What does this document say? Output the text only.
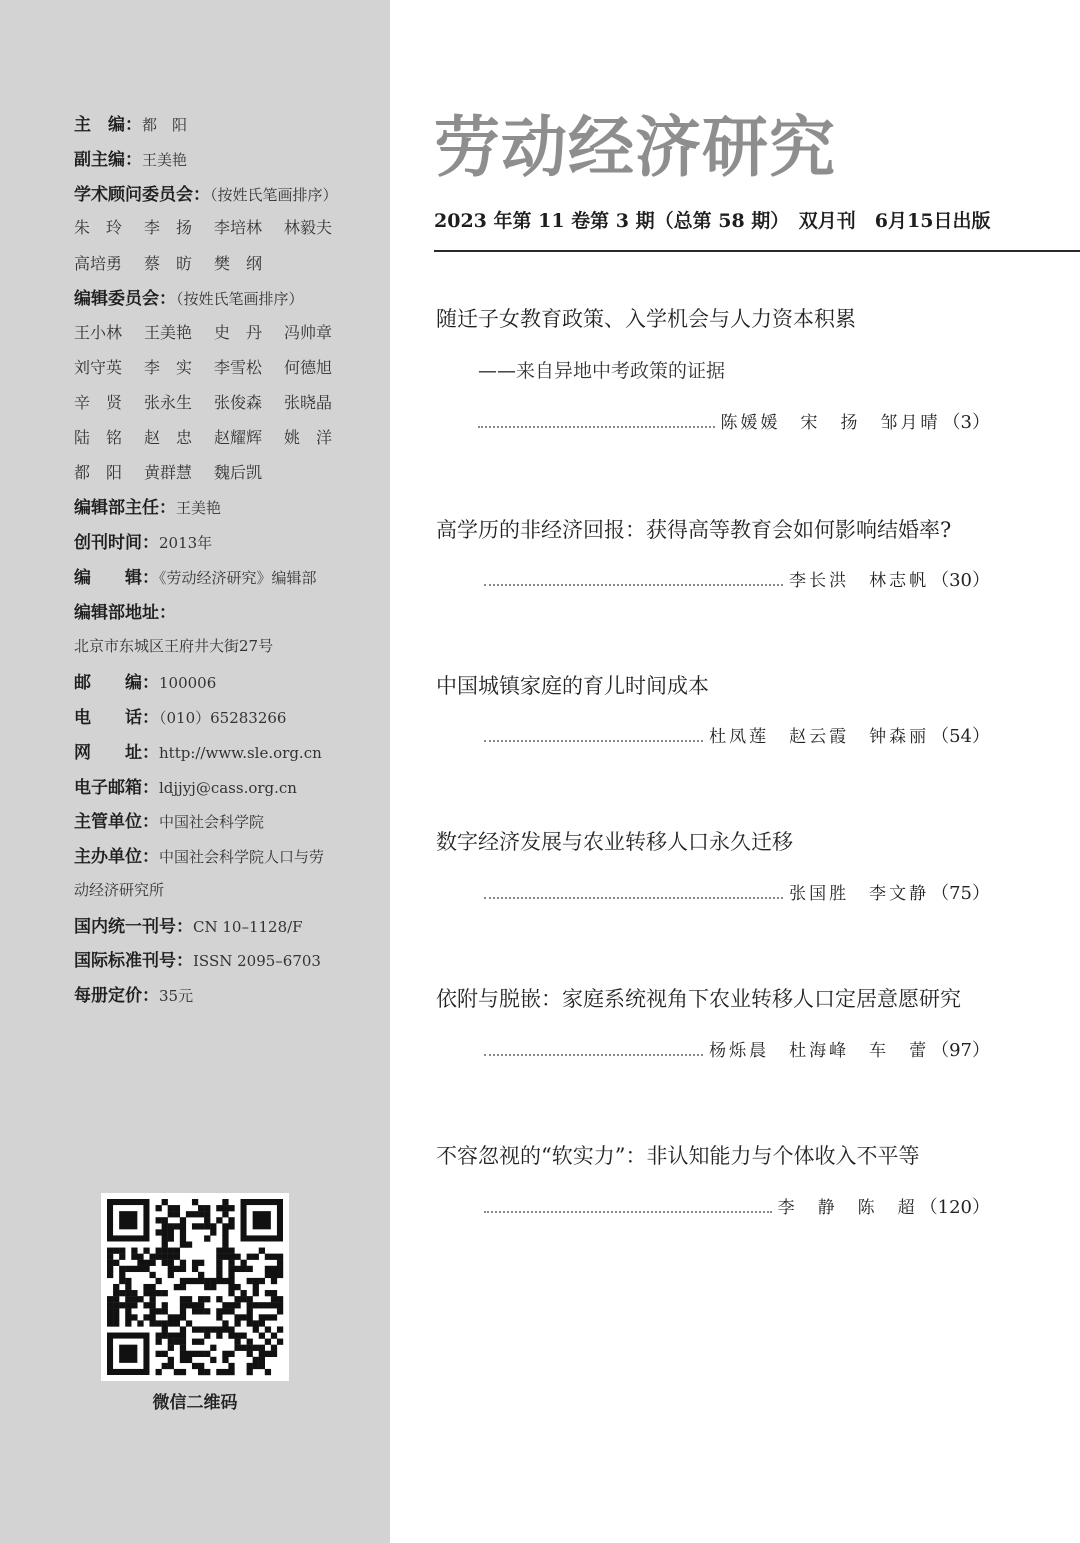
主　编：都　阳
副主编：王美艳
学术顾问委员会：（按姓氏笔画排序）
朱　玲 李　扬 李培林 林毅夫
高培勇 蔡　昉 樊　纲
编辑委员会：（按姓氏笔画排序）
王小林 王美艳 史　丹 冯帅章
刘守英 李　实 李雪松 何德旭
辛　贤 张永生 张俊森 张晓晶
陆　铭 赵　忠 赵耀辉 姚　洋
都　阳 黄群慧 魏后凯
编辑部主任：王美艳
创刊时间：2013年
编　　辑：《劳动经济研究》编辑部
编辑部地址：
北京市东城区王府井大街27号
邮　　编：100006
电　　话：（010）65283266
网　　址：http://www.sle.org.cn
电子邮箱：ldjjyj@cass.org.cn
主管单位：中国社会科学院
主办单位：中国社会科学院人口与劳
动经济研究所
国内统一刊号：CN 10–1128/F
国际标准刊号：ISSN 2095–6703
每册定价：35元
微信二维码
劳动经济研究
2023 年第 11 卷第 3 期（总第 58 期）　双月刊　6月15日出版
随迁子女教育政策、入学机会与人力资本积累
——来自异地中考政策的证据
陈媛媛　宋　扬　邹月晴 （3）
高学历的非经济回报：获得高等教育会如何影响结婚率?
李长洪　林志帆 （30）
中国城镇家庭的育儿时间成本
杜凤莲　赵云霞　钟森丽 （54）
数字经济发展与农业转移人口永久迁移
张国胜　李文静 （75）
依附与脱嵌：家庭系统视角下农业转移人口定居意愿研究
杨烁晨　杜海峰　车　蕾 （97）
不容忽视的“软实力”：非认知能力与个体收入不平等
李　静　陈　超 （120）
